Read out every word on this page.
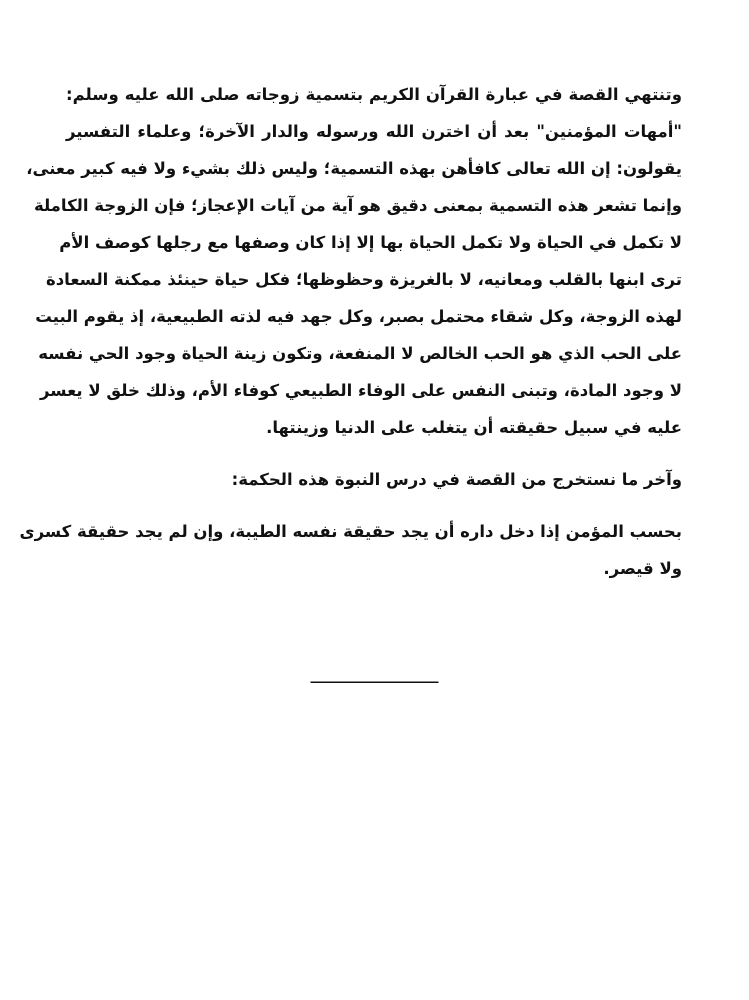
وتنتهي القصة في عبارة القرآن الكريم بتسمية زوجاته صلى الله عليه وسلم:
"أمهات المؤمنين" بعد أن اخترن الله ورسوله والدار الآخرة؛ وعلماء التفسير
يقولون: إن الله تعالى كافأهن بهذه التسمية؛ وليس ذلك بشيء ولا فيه كبير معنى،
وإنما تشعر هذه التسمية بمعنى دقيق هو آية من آيات الإعجاز؛ فإن الزوجة الكاملة
لا تكمل في الحياة ولا تكمل الحياة بها إلا إذا كان وصفها مع رجلها كوصف الأم
ترى ابنها بالقلب ومعانيه، لا بالغريزة وحظوظها؛ فكل حياة حينئذ ممكنة السعادة
لهذه الزوجة، وكل شقاء محتمل بصبر، وكل جهد فيه لذته الطبيعية، إذ يقوم البيت
على الحب الذي هو الحب الخالص لا المنفعة، وتكون زينة الحياة وجود الحي نفسه
لا وجود المادة، وتبنى النفس على الوفاء الطبيعي كوفاء الأم، وذلك خلق لا يعسر
عليه في سبيل حقيقته أن يتغلب على الدنيا وزينتها.
وآخر ما نستخرج من القصة في درس النبوة هذه الحكمة:
بحسب المؤمن إذا دخل داره أن يجد حقيقة نفسه الطيبة، وإن لم يجد حقيقة كسرى
ولا قيصر.
________________
